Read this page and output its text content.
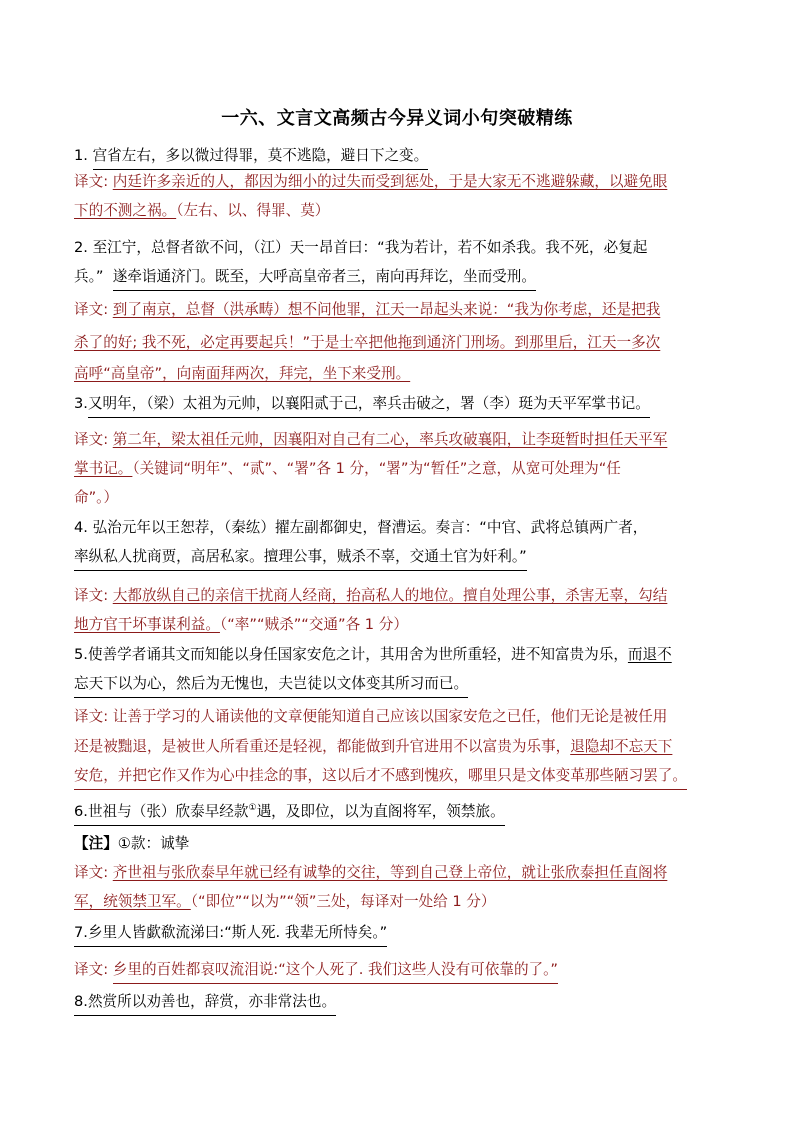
一六、文言文高频古今异义词小句突破精练
1. 宫省左右，多以微过得罪，莫不逃隐，避日下之变。
译文: 内廷许多亲近的人，都因为细小的过失而受到惩处，于是大家无不逃避躲藏，以避免眼
下的不测之祸。（左右、以、得罪、莫）
2. 至江宁，总督者欲不问，（江）天一昂首曰：“我为若计，若不如杀我。我不死，必复起
兵。” 遂牵诣通济门。既至，大呼高皇帝者三，南向再拜讫，坐而受刑。
译文: 到了南京，总督（洪承畴）想不问他罪，江天一昂起头来说：“我为你考虑，还是把我
杀了的好; 我不死，必定再要起兵！”于是士卒把他拖到通济门刑场。到那里后，江天一多次
高呼“高皇帝”，向南面拜两次，拜完，坐下来受刑。
3.又明年，（梁）太祖为元帅，以襄阳贰于己，率兵击破之，署（李）珽为天平军掌书记。
译文: 第二年，梁太祖任元帅，因襄阳对自己有二心，率兵攻破襄阳，让李珽暂时担任天平军
掌书记。（关键词“明年”、“贰”、“署”各 1 分，“署”为“暂任”之意，从宽可处理为“任
命”。）
4. 弘治元年以王恕荐，（秦纮）擢左副都御史，督漕运。奏言：“中官、武将总镇两广者，
率纵私人扰商贾，高居私家。擅理公事，贼杀不辜，交通土官为奸利。”
译文: 大都放纵自己的亲信干扰商人经商，抬高私人的地位。擅自处理公事，杀害无辜，勾结
地方官干坏事谋利益。（“率”“贼杀”“交通”各 1 分）
5.使善学者诵其文而知能以身任国家安危之计，其用舍为世所重轻，进不知富贵为乐，而退不
忘天下以为心，然后为无愧也，夫岂徒以文体变其所习而已。
译文: 让善于学习的人诵读他的文章便能知道自己应该以国家安危之已任，他们无论是被任用
还是被黜退，是被世人所看重还是轻视，都能做到升官进用不以富贵为乐事，退隐却不忘天下
安危，并把它作又作为心中挂念的事，这以后才不感到愧疚，哪里只是文体变革那些陋习罢了。
6.世祖与（张）欣泰早经款①遇，及即位，以为直阁将军，领禁旅。
【注】①款：诚挚
译文: 齐世祖与张欣泰早年就已经有诚挚的交往，等到自己登上帝位，就让张欣泰担任直阁将
军，统领禁卫军。（“即位”“以为”“领”三处，每译对一处给 1 分）
7.乡里人皆歔欷流涕曰:“斯人死. 我辈无所恃矣。”
译文: 乡里的百姓都哀叹流泪说:“这个人死了. 我们这些人没有可依靠的了。”
8.然赏所以劝善也，辞赏，亦非常法也。
